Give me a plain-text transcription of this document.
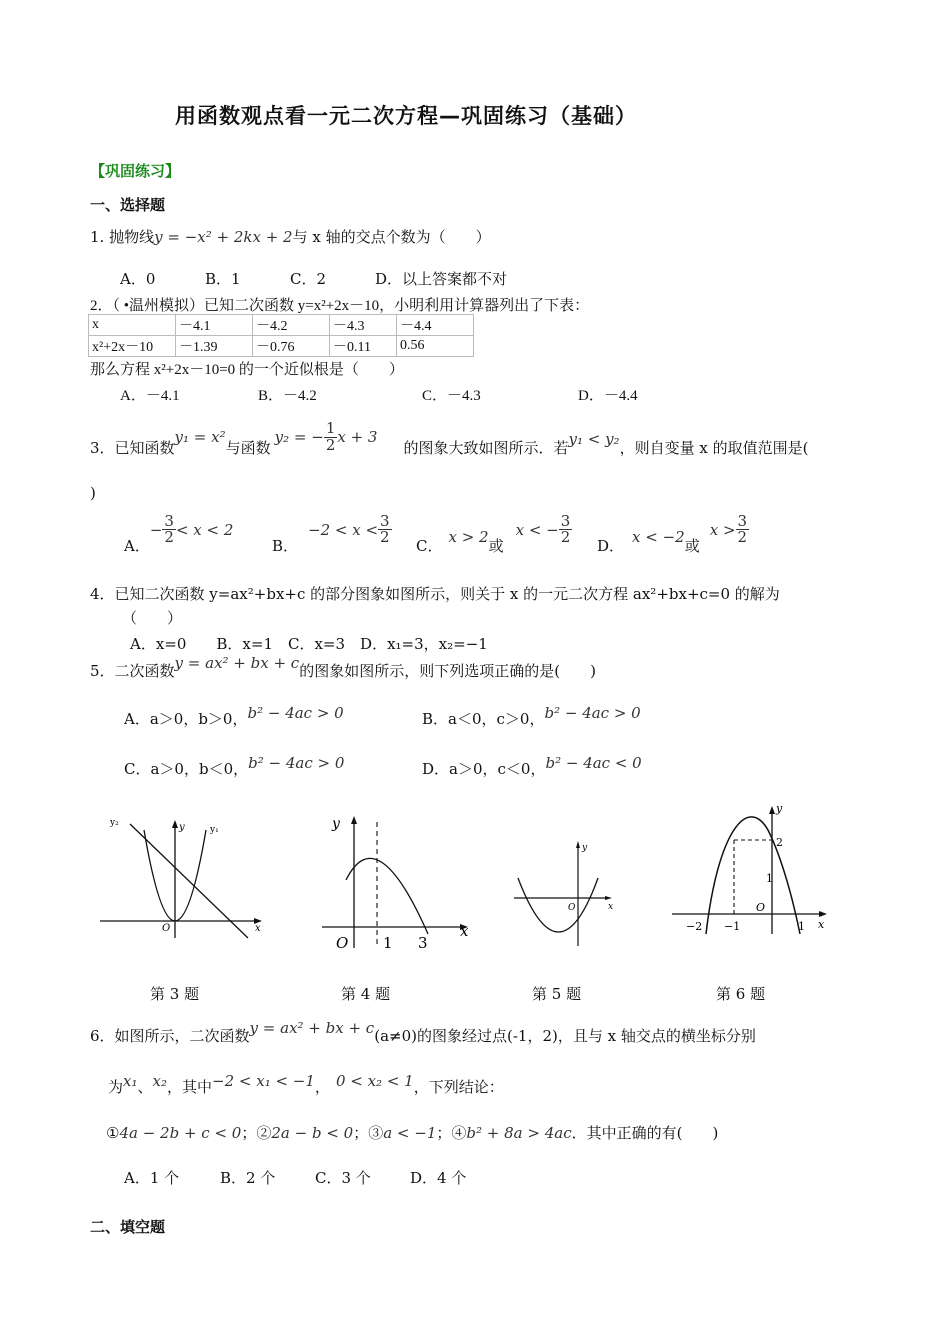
用函数观点看一元二次方程—巩固练习（基础）
【巩固练习】
一、选择题
1. 抛物线y = −x² + 2kx + 2与 x 轴的交点个数为（　　）
A．0	B．1	C．2	D．以上答案都不对
2．（ •温州模拟）已知二次函数 y=x²+2x－10，小明利用计算器列出了下表：
x	－4.1	－4.2	－4.3	－4.4
x²+2x－10	－1.39	－0.76	－0.11	0.56
那么方程 x²+2x－10=0 的一个近似根是（　　）
A．－4.1	B．－4.2	C．－4.3	D．－4.4
3．已知函数
y₁ = x²
与函数
y₂ = − $\frac{1}{2}$ x + 3
的图象大致如图所示．若 y₁ < y₂ ，则自变量 x 的取值范围是(
)
A．
− $\frac{3}{2} < x < 2$
B．
$-2 < x < \frac{3}{2}$ C． x > 2 或
x < − $\frac{3}{2}$ D． x < −2 或
$x > \frac{3}{2}$
4．已知二次函数 y=ax²+bx+c 的部分图象如图所示，则关于 x 的一元二次方程 ax²+bx+c=0 的解为
（　　）
A．x=0　　B．x=1　C．x=3　D．x₁=3，x₂=−1
5．二次函数y = ax² + bx + c的图象如图所示，则下列选项正确的是(　　)
A．a＞0，b＞0，b² − 4ac > 0	B．a＜0，c＞0，b² − 4ac > 0
C．a＞0，b＜0，b² − 4ac > 0	D．a＞0，c＜0，b² − 4ac < 0
y₂	y	y₁
O	x
y
O 1 3
x
y
O	x
y
2
1
O
−2 −1	1 x
第 3 题	第 4 题	第 5 题	第 6 题
6．如图所示，二次函数y = ax² + bx + c(a≠0)的图象经过点(-1，2)，且与 x 轴交点的横坐标分别
为x₁、x₂，其中−2 < x₁ < −1， 0 < x₂ < 1，下列结论：
①4a − 2b + c < 0；②2a − b < 0；③a < −1；④b² + 8a > 4ac．其中正确的有(　　)
A．1 个	B．2 个	C．3 个	D．4 个
二、填空题
